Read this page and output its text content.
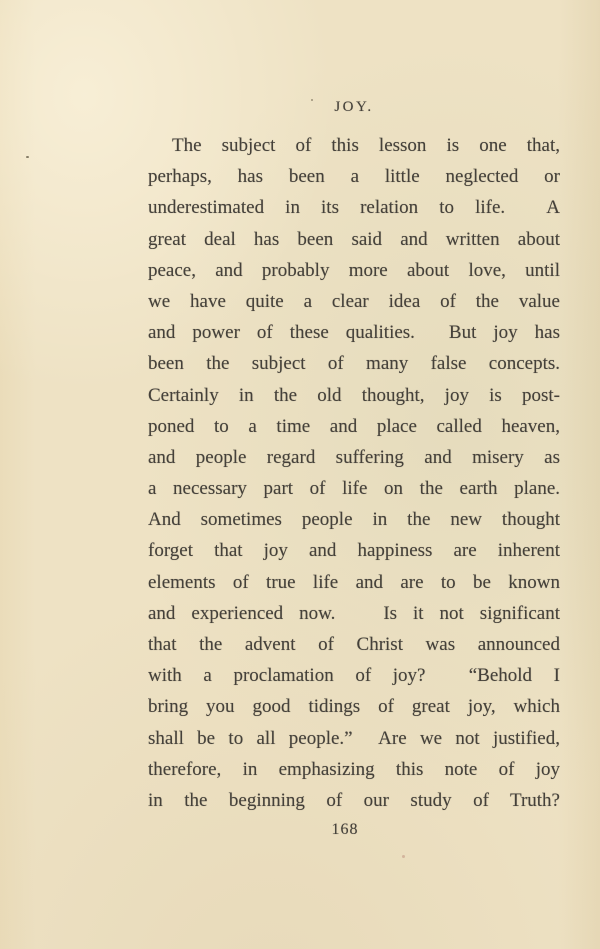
JOY.
The subject of this lesson is one that,
perhaps, has been a little neglected or
underestimated in its relation to life.  A
great deal has been said and written about
peace, and probably more about love, until
we have quite a clear idea of the value
and power of these qualities.  But joy has
been the subject of many false concepts.
Certainly in the old thought, joy is post-
poned to a time and place called heaven,
and people regard suffering and misery as
a necessary part of life on the earth plane.
And sometimes people in the new thought
forget that joy and happiness are inherent
elements of true life and are to be known
and experienced now.   Is it not significant
that the advent of Christ was announced
with a proclamation of joy?  “Behold I
bring you good tidings of great joy, which
shall be to all people.”  Are we not justified,
therefore, in emphasizing this note of joy
in the beginning of our study of Truth?
168
